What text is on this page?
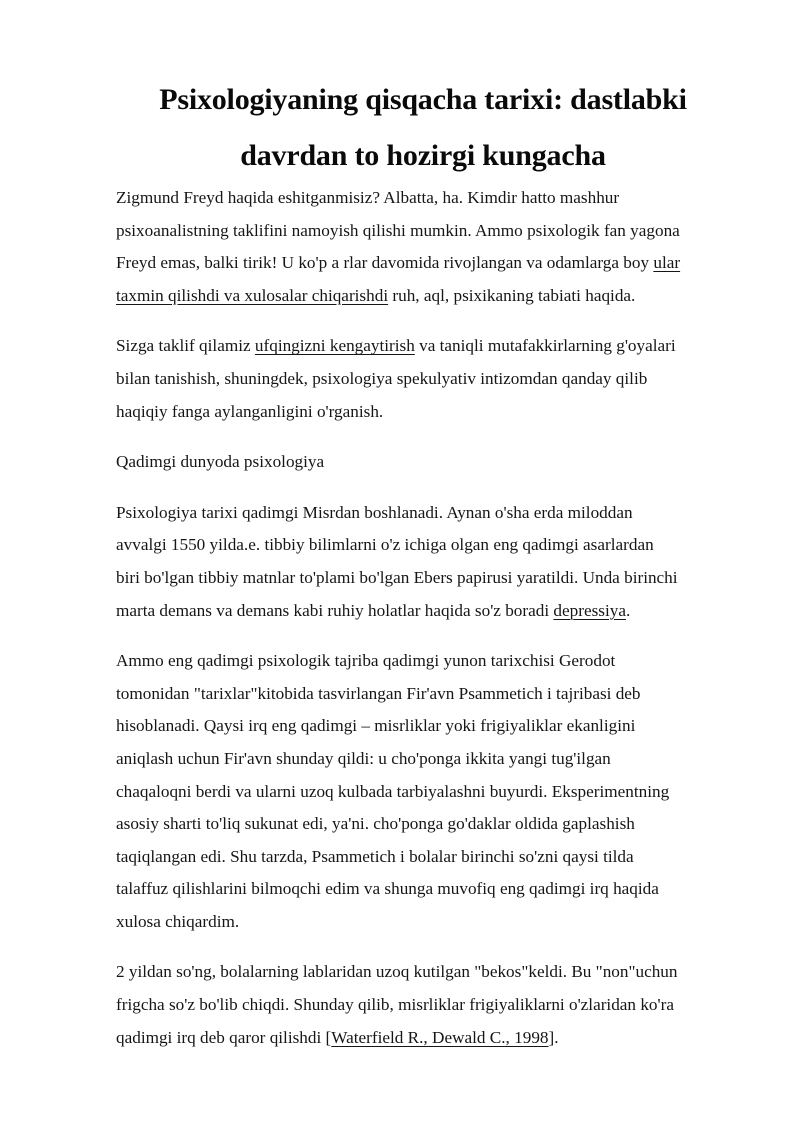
Psixologiyaning qisqacha tarixi: dastlabki
davrdan to hozirgi kungacha

Zigmund Freyd haqida eshitganmisiz? Albatta, ha. Kimdir hatto mashhur
psixoanalistning taklifini namoyish qilishi mumkin. Ammo psixologik fan yagona
Freyd emas, balki tirik! U ko'p a rlar davomida rivojlangan va odamlarga boy ular
taxmin qilishdi va xulosalar chiqarishdi ruh, aql, psixikaning tabiati haqida.

Sizga taklif qilamiz ufqingizni kengaytirish va taniqli mutafakkirlarning g'oyalari
bilan tanishish, shuningdek, psixologiya spekulyativ intizomdan qanday qilib
haqiqiy fanga aylanganligini o'rganish.

Qadimgi dunyoda psixologiya

Psixologiya tarixi qadimgi Misrdan boshlanadi. Aynan o'sha erda miloddan
avvalgi 1550 yilda.e. tibbiy bilimlarni o'z ichiga olgan eng qadimgi asarlardan
biri bo'lgan tibbiy matnlar to'plami bo'lgan Ebers papirusi yaratildi. Unda birinchi
marta demans va demans kabi ruhiy holatlar haqida so'z boradi depressiya.

Ammo eng qadimgi psixologik tajriba qadimgi yunon tarixchisi Gerodot
tomonidan "tarixlar"kitobida tasvirlangan Fir'avn Psammetich i tajribasi deb
hisoblanadi. Qaysi irq eng qadimgi – misrliklar yoki frigiyaliklar ekanligini
aniqlash uchun Fir'avn shunday qildi: u cho'ponga ikkita yangi tug'ilgan
chaqaloqni berdi va ularni uzoq kulbada tarbiyalashni buyurdi. Eksperimentning
asosiy sharti to'liq sukunat edi, ya'ni. cho'ponga go'daklar oldida gaplashish
taqiqlangan edi. Shu tarzda, Psammetich i bolalar birinchi so'zni qaysi tilda
talaffuz qilishlarini bilmoqchi edim va shunga muvofiq eng qadimgi irq haqida
xulosa chiqardim.

2 yildan so'ng, bolalarning lablaridan uzoq kutilgan "bekos"keldi. Bu "non"uchun
frigcha so'z bo'lib chiqdi. Shunday qilib, misrliklar frigiyaliklarni o'zlaridan ko'ra
qadimgi irq deb qaror qilishdi [Waterfield R., Dewald C., 1998].
